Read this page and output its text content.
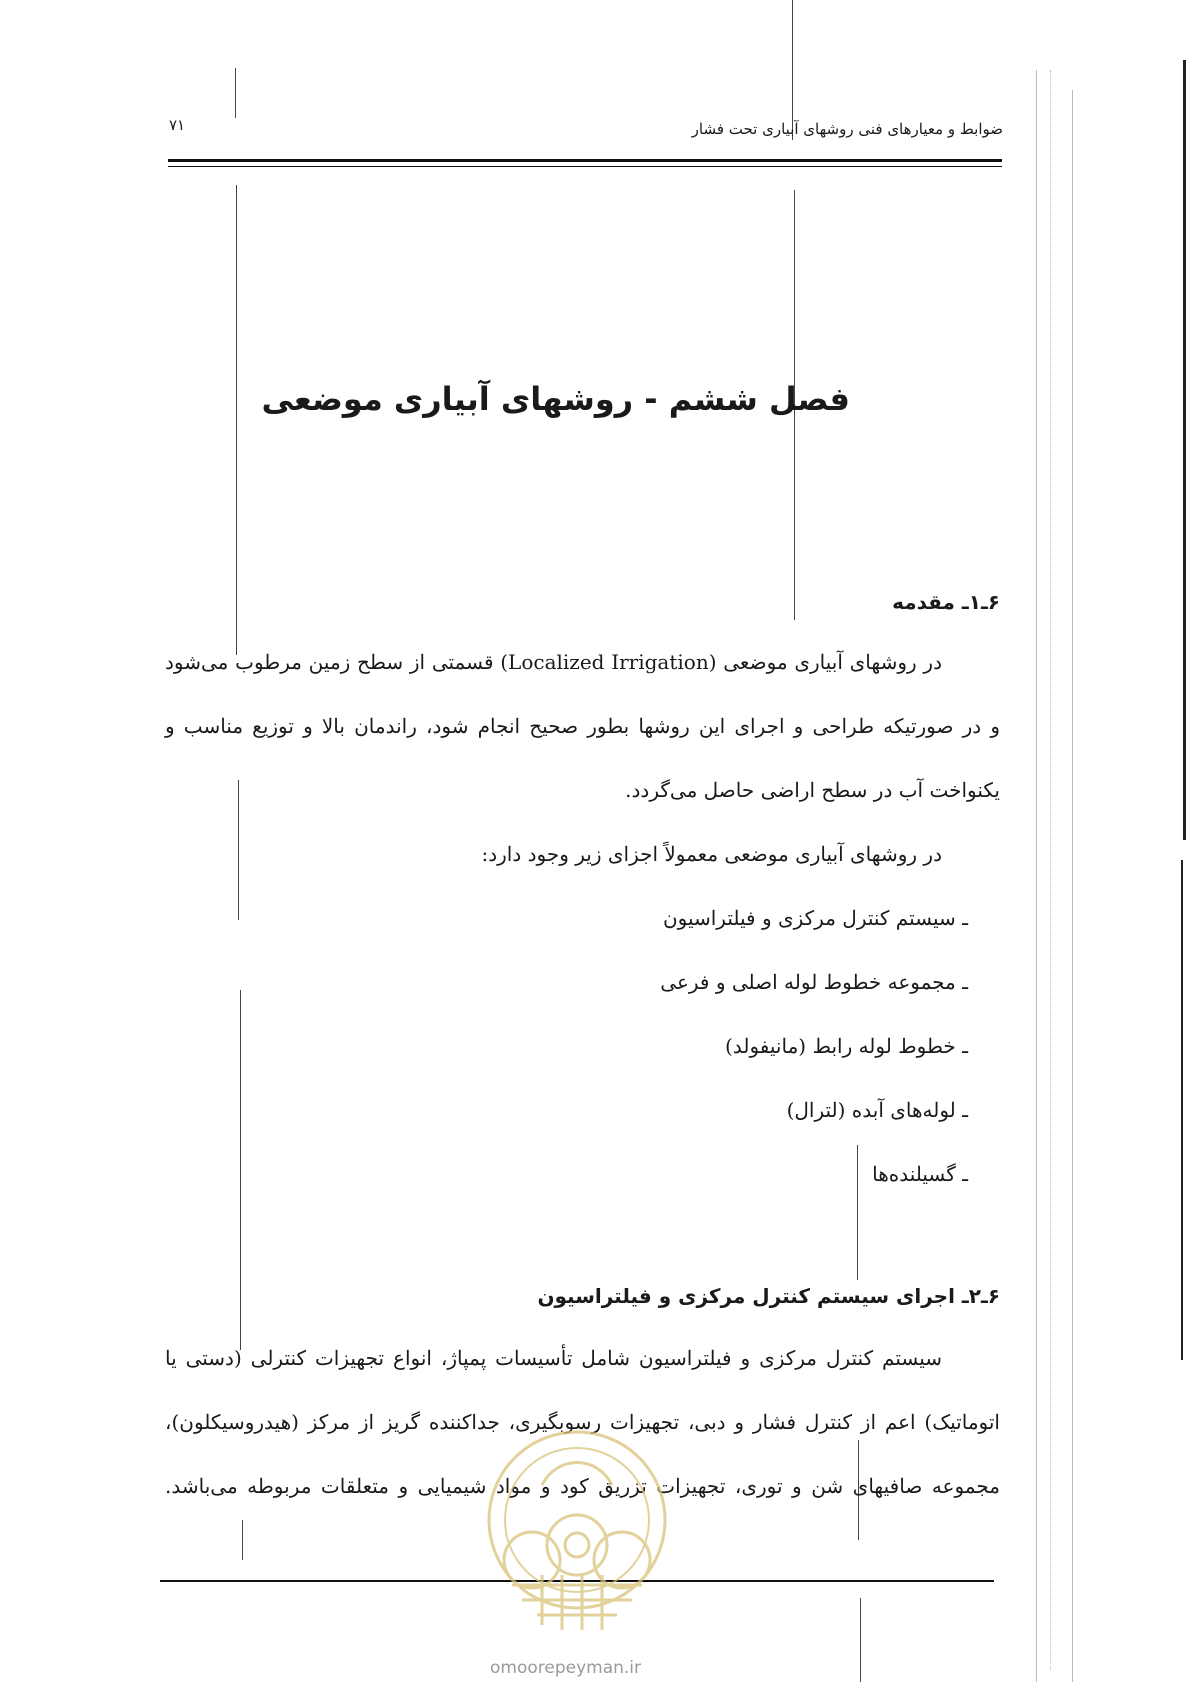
۷۱	ضوابط و معیارهای فنی روشهای آبیاری تحت فشار
فصل ششم - روشهای آبیاری موضعی
۶ـ۱ـ مقدمه
در روشهای آبیاری موضعی (Localized Irrigation) قسمتی از سطح زمین مرطوب می‌شود
و در صورتیکه طراحی و اجرای این روشها بطور صحیح انجام شود، راندمان بالا و توزیع مناسب و
یکنواخت آب در سطح اراضی حاصل می‌گردد.
در روشهای آبیاری موضعی معمولاً اجزای زیر وجود دارد:
ـ سیستم کنترل مرکزی و فیلتراسیون
ـ مجموعه خطوط لوله اصلی و فرعی
ـ خطوط لوله رابط (مانیفولد)
ـ لوله‌های آبده (لترال)
ـ گسیلنده‌ها
۶ـ۲ـ اجرای سیستم کنترل مرکزی و فیلتراسیون
سیستم کنترل مرکزی و فیلتراسیون شامل تأسیسات پمپاژ، انواع تجهیزات کنترلی (دستی یا
اتوماتیک) اعم از کنترل فشار و دبی، تجهیزات رسوبگیری، جداکننده گریز از مرکز (هیدروسیکلون)،
مجموعه صافیهای شن و توری، تجهیزات تزریق کود و مواد شیمیایی و متعلقات مربوطه می‌باشد.
omoorepeyman.ir
